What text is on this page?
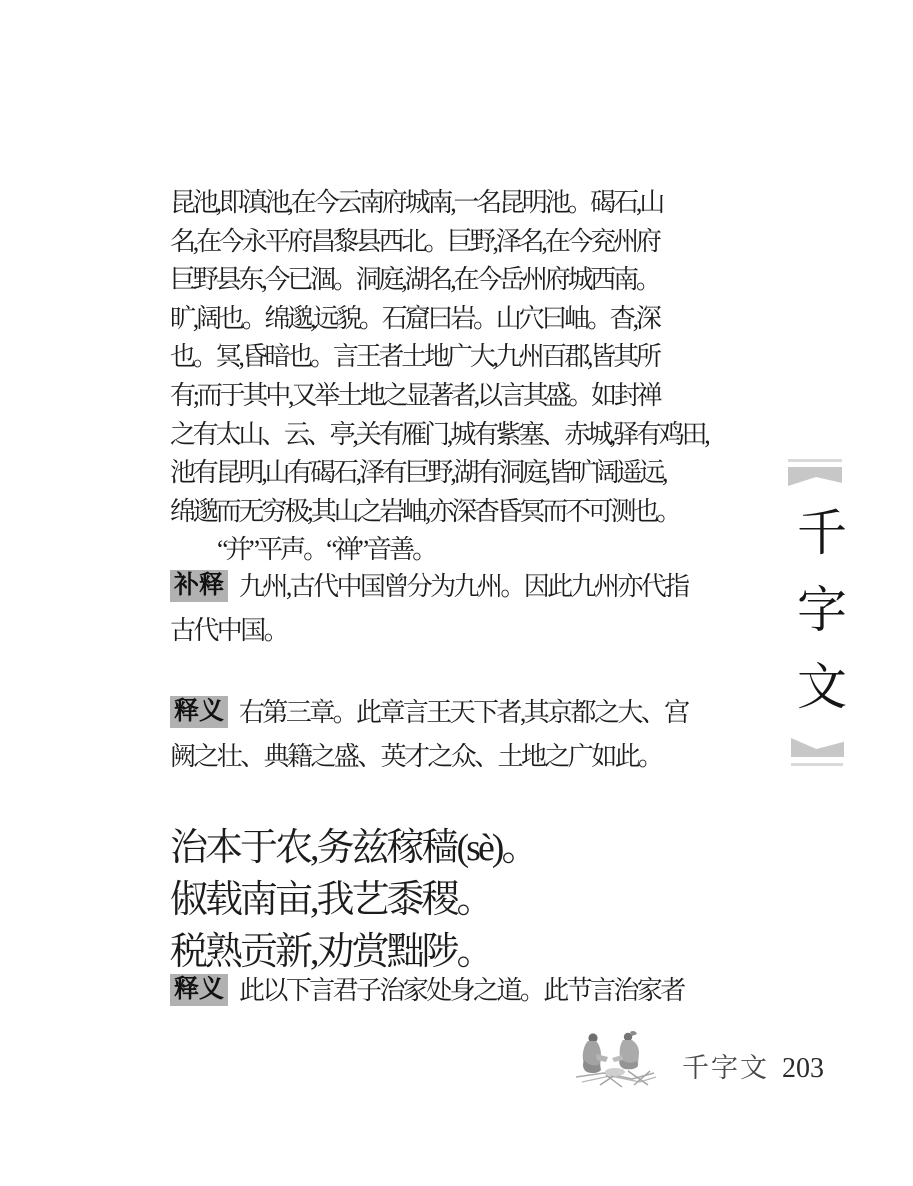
昆池,即滇池,在今云南府城南,一名昆明池。碣石,山
名,在今永平府昌黎县西北。巨野,泽名,在今兖州府
巨野县东,今已涸。洞庭,湖名,在今岳州府城西南。
旷,阔也。绵邈,远貌。石窟曰岩。山穴曰岫。杳,深
也。冥,昏暗也。言王者土地广大,九州百郡,皆其所
有;而于其中,又举土地之显著者,以言其盛。如封禅
之有太山、云、亭,关有雁门,城有紫塞、赤城,驿有鸡田,
池有昆明,山有碣石,泽有巨野,湖有洞庭,皆旷阔遥远,
绵邈而无穷极;其山之岩岫,亦深杳昏冥而不可测也。
“并”平声。“禅”音善。
补释 九州,古代中国曾分为九州。因此九州亦代指
古代中国。
释义 右第三章。此章言王天下者,其京都之大、宫
阙之壮、典籍之盛、英才之众、土地之广如此。
治本于农,务兹稼穑(sè)。
俶载南亩,我艺黍稷。
税熟贡新,劝赏黜陟。
释义 此以下言君子治家处身之道。此节言治家者
千
字
文
千字文 203
